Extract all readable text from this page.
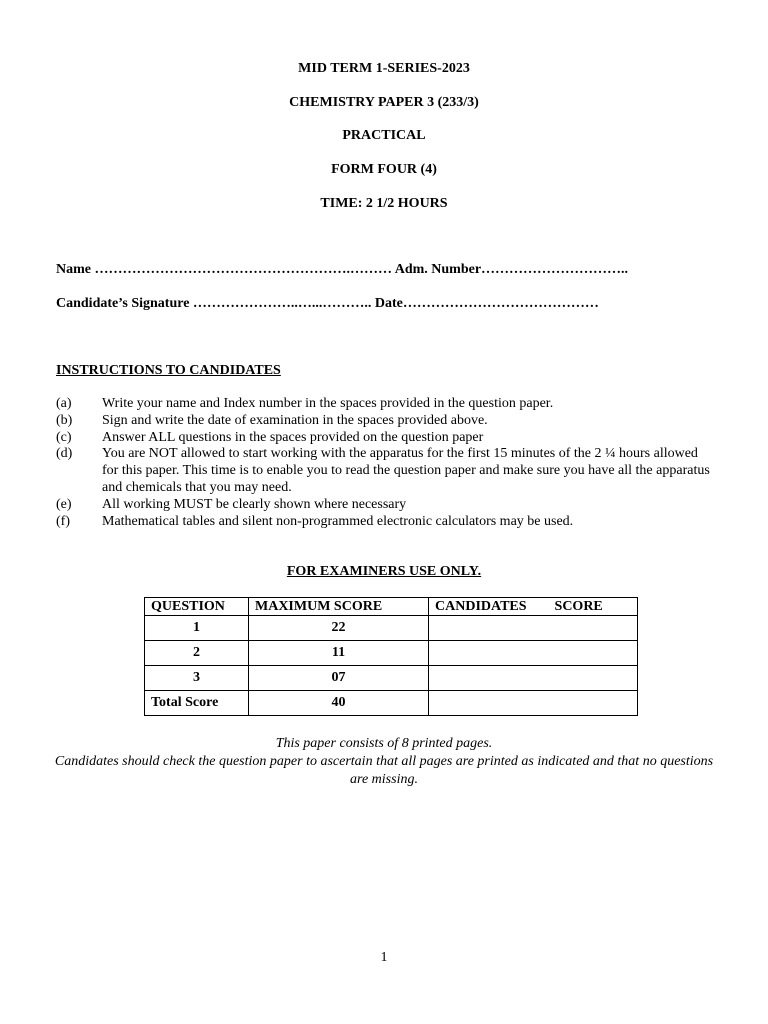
MID TERM 1-SERIES-2023
CHEMISTRY PAPER 3 (233/3)
PRACTICAL
FORM FOUR (4)
TIME: 2 1/2 HOURS
Name ……………………………………………….……… Adm. Number…………………………..
Candidate’s Signature …………………..…...……….. Date……………………………………
INSTRUCTIONS TO CANDIDATES
(a)	Write your name and Index number in the spaces provided in the question paper.
(b)	Sign and write the date of examination in the spaces provided above.
(c)	Answer ALL questions in the spaces provided on the question paper
(d)	You are NOT allowed to start working with the apparatus for the first 15 minutes of the 2 ¼ hours allowed for this paper. This time is to enable you to read the question paper and make sure you have all the apparatus and chemicals that you may need.
(e)	All working MUST be clearly shown where necessary
(f)	Mathematical tables and silent non-programmed electronic calculators may be used.
FOR EXAMINERS USE ONLY.
QUESTION	MAXIMUM SCORE	CANDIDATES        SCORE
1	22	
2	11	
3	07	
Total Score	40	
This paper consists of 8 printed pages.
Candidates should check the question paper to ascertain that all pages are printed as indicated and that no questions are missing.
1
